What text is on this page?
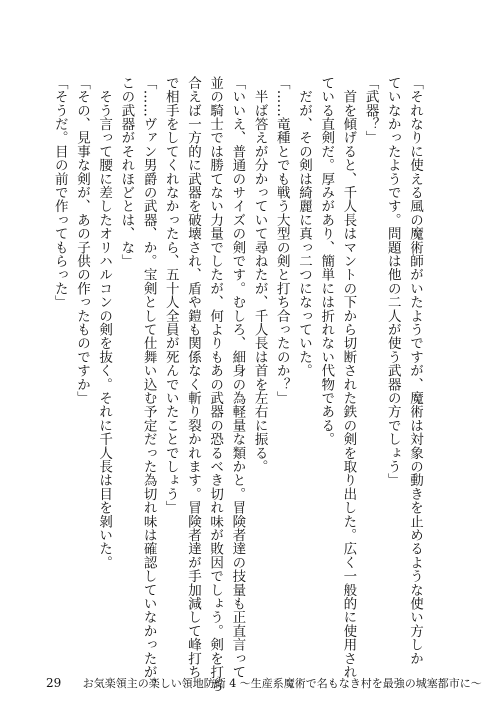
「それなりに使える風の魔術師がいたようですが、魔術は対象の動きを止めるような使い方しか
ていなかったようです。問題は他の二人が使う武器の方でしょう」
「武器？」
　首を傾げると、千人長はマントの下から切断された鉄の剣を取り出した。広く一般的に使用され
ている直剣だ。厚みがあり、簡単には折れない代物である。
　だが、その剣は綺麗に真っ二つになっていた。
「……竜種とでも戦う大型の剣と打ち合ったのか？」
　半ば答えが分かっていて尋ねたが、千人長は首を左右に振る。
「いいえ、普通のサイズの剣です。むしろ、細身の為軽量な類かと。冒険者達の技量も正直言って
並の騎士では勝てない力量でしたが、何よりもあの武器の恐るべき切れ味が敗因でしょう。剣を打ち
合えば一方的に武器を破壊され、盾や鎧も関係なく斬り裂かれます。冒険者達が手加減して峰打ち
で相手をしてくれなかったら、五十人全員が死んでいたことでしょう」
「……ヴァン男爵の武器、か。宝剣として仕舞い込む予定だった為切れ味は確認していなかったが、
この武器がそれほどとは、な」
　そう言って腰に差したオリハルコンの剣を抜く。それに千人長は目を剝いた。
「その、見事な剣が、あの子供の作ったものですか」
「そうだ。目の前で作ってもらった」
29 お気楽領主の楽しい領地防衛 4 ～生産系魔術で名もなき村を最強の城塞都市に～
